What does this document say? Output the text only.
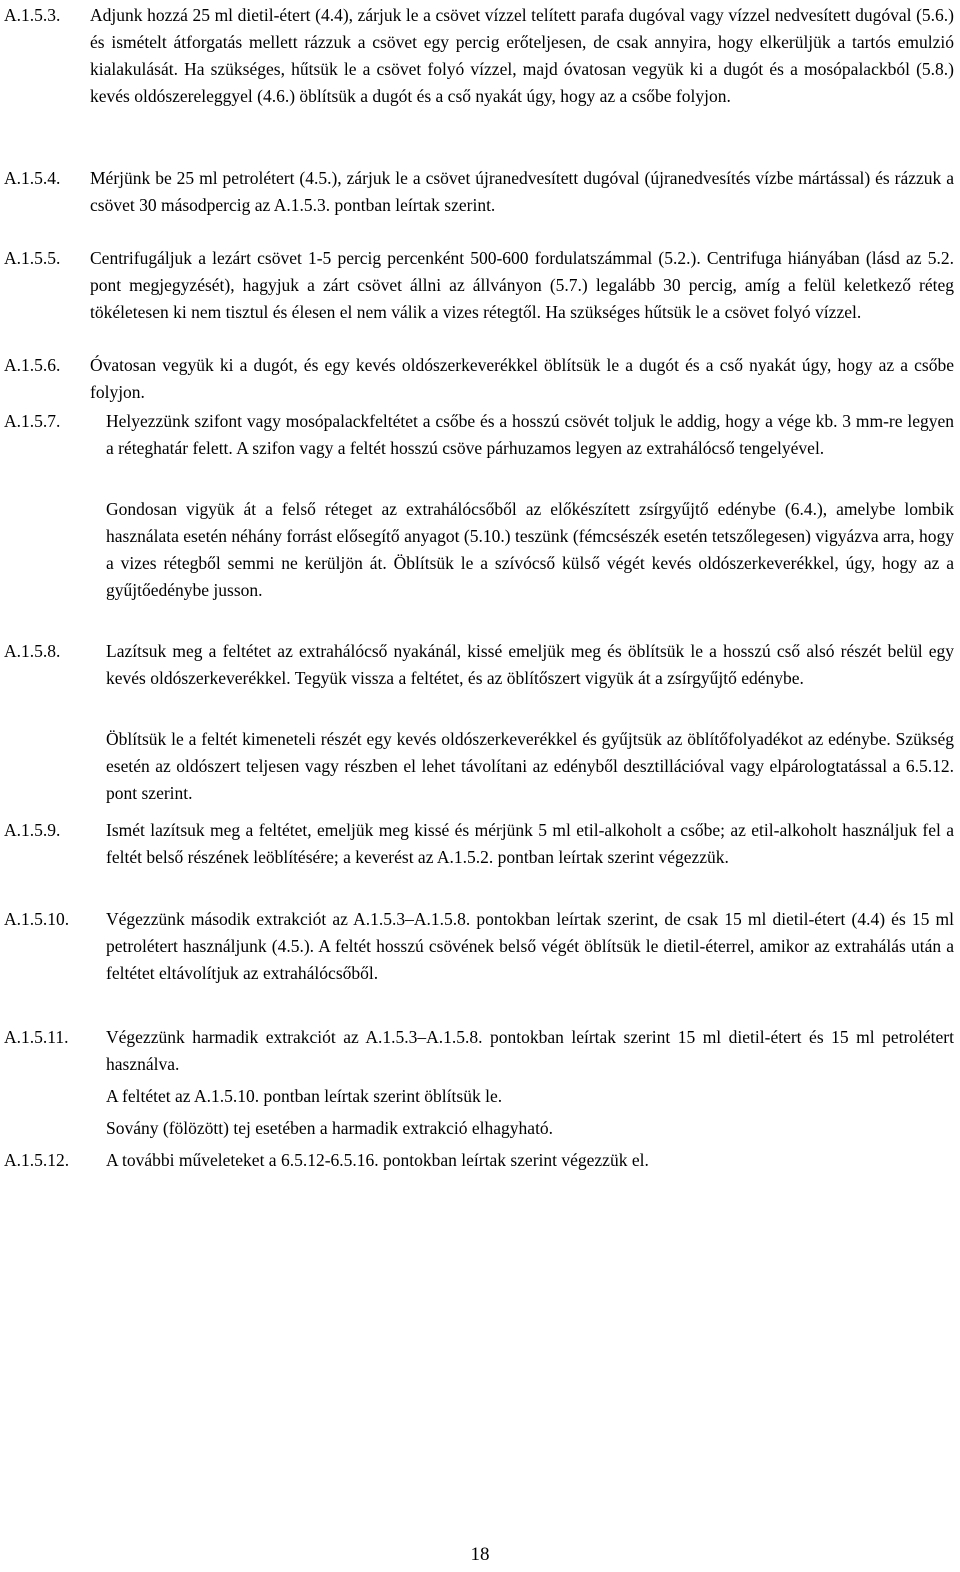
A.1.5.3. Adjunk hozzá 25 ml dietil-étert (4.4), zárjuk le a csövet vízzel telített parafa dugóval vagy vízzel nedvesített dugóval (5.6.) és ismételt átforgatás mellett rázzuk a csövet egy percig erőteljesen, de csak annyira, hogy elkerüljük a tartós emulzió kialakulását. Ha szükséges, hűtsük le a csövet folyó vízzel, majd óvatosan vegyük ki a dugót és a mosópalackból (5.8.) kevés oldószereleggyel (4.6.) öblítsük a dugót és a cső nyakát úgy, hogy az a csőbe folyjon.

A.1.5.4. Mérjünk be 25 ml petrolétert (4.5.), zárjuk le a csövet újranedvesített dugóval (újranedvesítés vízbe mártással) és rázzuk a csövet 30 másodpercig az A.1.5.3. pontban leírtak szerint.

A.1.5.5. Centrifugáljuk a lezárt csövet 1-5 percig percenként 500-600 fordulatszámmal (5.2.). Centrifuga hiányában (lásd az 5.2. pont megjegyzését), hagyjuk a zárt csövet állni az állványon (5.7.) legalább 30 percig, amíg a felül keletkező réteg tökéletesen ki nem tisztul és élesen el nem válik a vizes rétegtől. Ha szükséges hűtsük le a csövet folyó vízzel.

A.1.5.6. Óvatosan vegyük ki a dugót, és egy kevés oldószerkeverékkel öblítsük le a dugót és a cső nyakát úgy, hogy az a csőbe folyjon.

A.1.5.7.	Helyezzünk szifont vagy mosópalackfeltétet a csőbe és a hosszú csövét toljuk le addig, hogy a vége kb. 3 mm-re legyen a réteghatár felett. A szifon vagy a feltét hosszú csöve párhuzamos legyen az extrahálócső tengelyével.

Gondosan vigyük át a felső réteget az extrahálócsőből az előkészített zsírgyűjtő edénybe (6.4.), amelybe lombik használata esetén néhány forrást elősegítő anyagot (5.10.) teszünk (fémcsészék esetén tetszőlegesen) vigyázva arra, hogy a vizes rétegből semmi ne kerüljön át. Öblítsük le a szívócső külső végét kevés oldószerkeverékkel, úgy, hogy az a gyűjtőedénybe jusson.

A.1.5.8.	Lazítsuk meg a feltétet az extrahálócső nyakánál, kissé emeljük meg és öblítsük le a hosszú cső alsó részét belül egy kevés oldószerkeverékkel. Tegyük vissza a feltétet, és az öblítőszert vigyük át a zsírgyűjtő edénybe.

Öblítsük le a feltét kimeneteli részét egy kevés oldószerkeverékkel és gyűjtsük az öblítőfolyadékot az edénybe. Szükség esetén az oldószert teljesen vagy részben el lehet távolítani az edényből desztillációval vagy elpárologtatással a 6.5.12. pont szerint.

A.1.5.9.	Ismét lazítsuk meg a feltétet, emeljük meg kissé és mérjünk 5 ml etil-alkoholt a csőbe; az etil-alkoholt használjuk fel a feltét belső részének leöblítésére; a keverést az A.1.5.2. pontban leírtak szerint végezzük.

A.1.5.10. Végezzünk második extrakciót az A.1.5.3–A.1.5.8. pontokban leírtak szerint, de csak 15 ml dietil-étert (4.4) és 15 ml petrolétert használjunk (4.5.). A feltét hosszú csövének belső végét öblítsük le dietil-éterrel, amikor az extrahálás után a feltétet eltávolítjuk az extrahálócsőből.

A.1.5.11. Végezzünk harmadik extrakciót az A.1.5.3–A.1.5.8. pontokban leírtak szerint 15 ml dietil-étert és 15 ml petrolétert használva.

A feltétet az A.1.5.10. pontban leírtak szerint öblítsük le.

Sovány (fölözött) tej esetében a harmadik extrakció elhagyható.

A.1.5.12. A további műveleteket a 6.5.12-6.5.16. pontokban leírtak szerint végezzük el.

18
